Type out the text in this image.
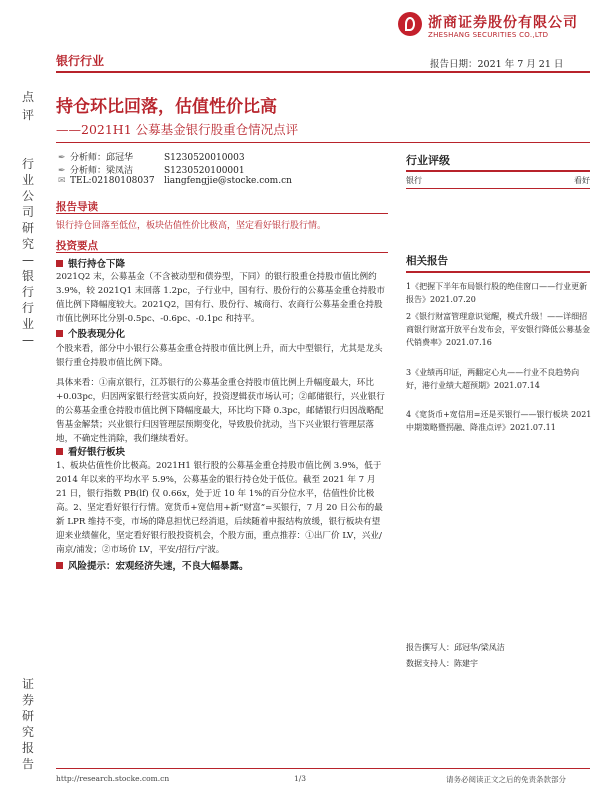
浙商证券股份有限公司
ZHESHANG SECURITIES CO.,LTD
银行行业	报告日期：2021 年 7 月 21 日
点评
行业公司研究—银行行业—
证券研究报告
持仓环比回落，估值性价比高
——2021H1 公募基金银行股重仓情况点评
✒ 分析师：邱冠华	S1230520010003
✒ 分析师：梁凤洁	S1230520100001
✉ TEL:02180108037 liangfengjie@stocke.com.cn
报告导读
银行持仓回落至低位，板块估值性价比极高，坚定看好银行股行情。
投资要点
银行持仓下降

2021Q2 末，公募基金（不含被动型和债券型，下同）的银行股重仓持股市值比例约 3.9%，较 2021Q1 末回落 1.2pc，子行业中，国有行、股份行的公募基金重仓持股市值比例下降幅度较大。2021Q2，国有行、股份行、城商行、农商行公募基金重仓持股市值比例环比分别-0.5pc、-0.6pc、-0.1pc 和持平。

个股表现分化

个股来看，部分中小银行公募基金重仓持股市值比例上升，而大中型银行，尤其是龙头银行重仓持股市值比例下降。

具体来看：①南京银行，江苏银行的公募基金重仓持股市值比例上升幅度最大，环比+0.03pc，归因两家银行经营实质向好，投资逻辑获市场认可；②邮储银行，兴业银行的公募基金重仓持股市值比例下降幅度最大，环比均下降 0.3pc，邮储银行归因战略配售基金解禁；兴业银行归因管理层预期变化，导致股价扰动，当下兴业银行管理层落地，不确定性消除，我们继续看好。

看好银行板块

1、板块估值性价比极高。2021H1 银行股的公募基金重仓持股市值比例 3.9%，低于 2014 年以来的平均水平 5.9%，公募基金的银行持仓处于低位。截至 2021 年 7 月 21 日，银行指数 PB(lf) 仅 0.66x，处于近 10 年 1%的百分位水平，估值性价比极高。2、坚定看好银行行情。宽货币+宽信用+新“财富”=买银行，7 月 20 日公布的最新 LPR 维持不变，市场的降息担忧已经消退，后续随着申报结构放缓，银行板块有望迎来业绩催化，坚定看好银行股投资机会，个股方面，重点推荐：①出厂价 LV，兴业/南京/浦发；②市场价 LV，平安/招行/宁波。

风险提示：宏观经济失速，不良大幅暴露。
行业评级
银行	看好
相关报告

1《把握下半年布局银行股的绝佳窗口——行业更新报告》2021.07.20

2《银行财富管理意识觉醒，模式升级！——详细招商银行财富开放平台发布会，平安银行降低公募基金代销费率》2021.07.16

3《业绩再印证，两翻定心丸——行业不良趋势向好，港行业绩大超预期》2021.07.14

4《宽货币+宽信用=还是买银行——银行板块 2021 中期策略暨拐融、降准点评》2021.07.11

报告撰写人：邱冠华/梁凤洁
数据支持人：陈建宇
http://research.stocke.com.cn	1/3	请务必阅读正文之后的免责条款部分
